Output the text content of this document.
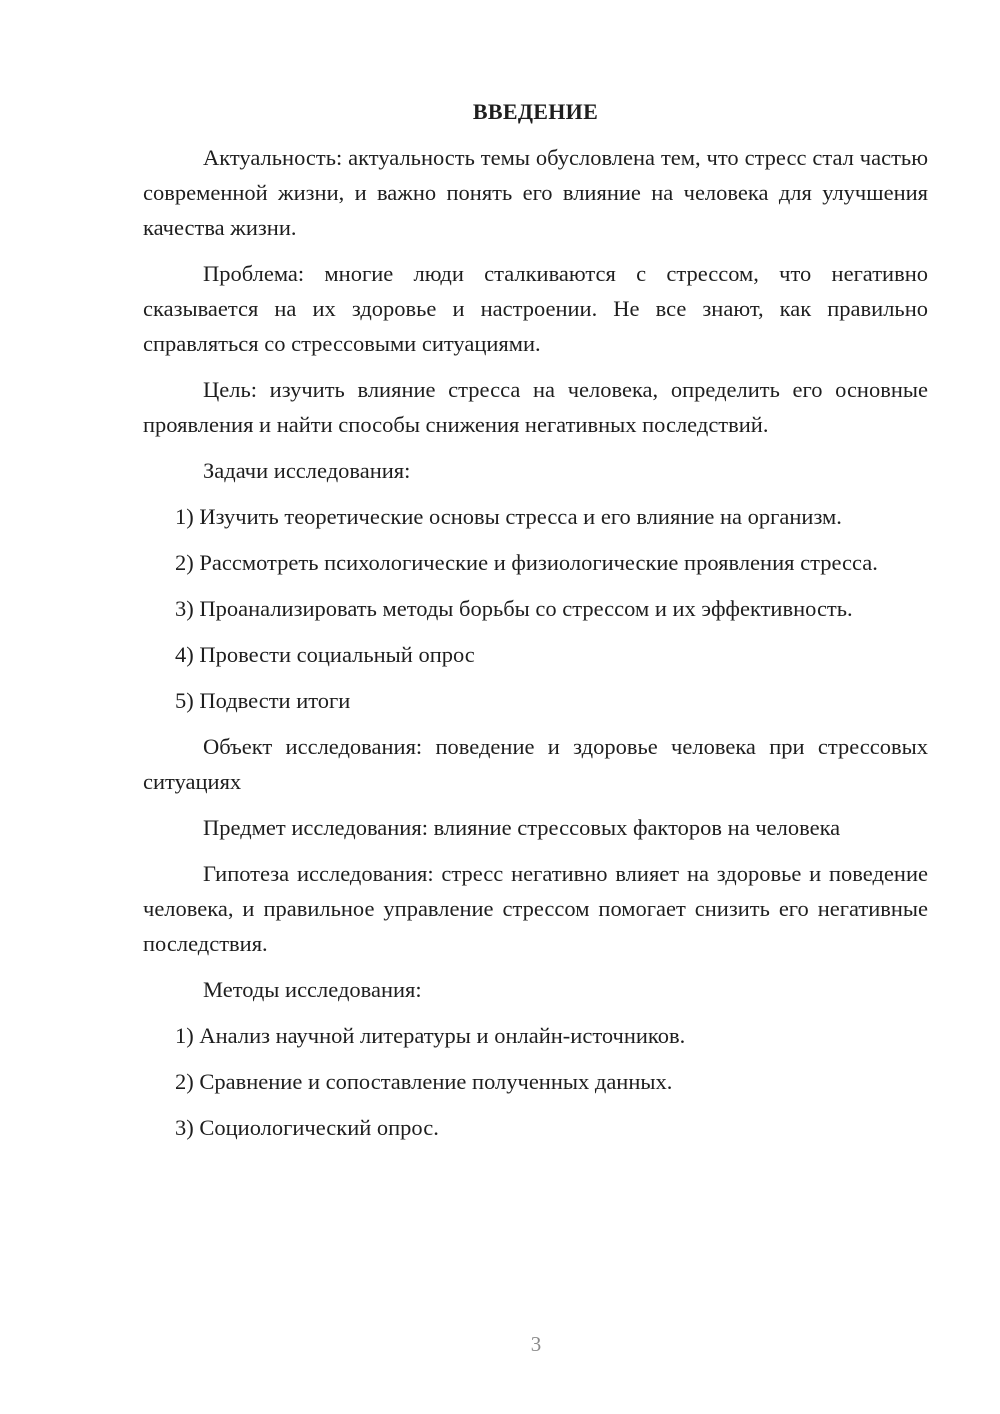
ВВЕДЕНИЕ

Актуальность: актуальность темы обусловлена тем, что стресс стал частью современной жизни, и важно понять его влияние на человека для улучшения качества жизни.

Проблема: многие люди сталкиваются с стрессом, что негативно сказывается на их здоровье и настроении. Не все знают, как правильно справляться со стрессовыми ситуациями.

Цель: изучить влияние стресса на человека, определить его основные проявления и найти способы снижения негативных последствий.

Задачи исследования:

1) Изучить теоретические основы стресса и его влияние на организм.

2) Рассмотреть психологические и физиологические проявления стресса.

3) Проанализировать методы борьбы со стрессом и их эффективность.

4) Провести социальный опрос

5) Подвести итоги

Объект исследования: поведение и здоровье человека при стрессовых ситуациях

Предмет исследования: влияние стрессовых факторов на человека

Гипотеза исследования: стресс негативно влияет на здоровье и поведение человека, и правильное управление стрессом помогает снизить его негативные последствия.

Методы исследования:

1) Анализ научной литературы и онлайн-источников.

2) Сравнение и сопоставление полученных данных.

3) Социологический опрос.

3
